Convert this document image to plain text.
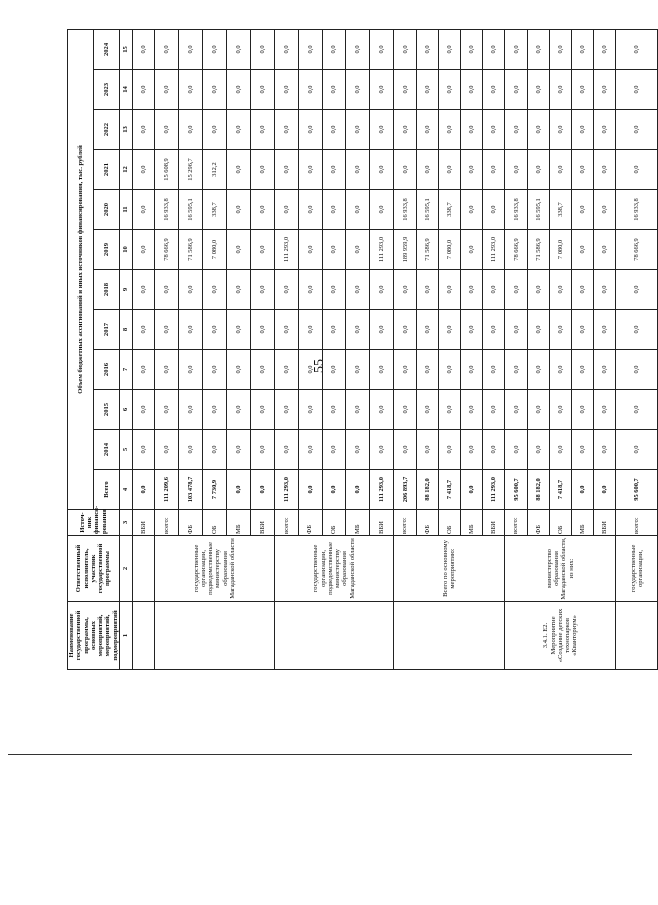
55
Наименование государственной программы, основных мероприятий, мероприятий, подмероприятий	Ответственный исполнитель, участник государственной программы	Источ- ник финанси- рования	Объем бюджетных ассигнований и иных источников финансирования, тыс. рублей											
			Всего	2014	2015	2016	2017	2018	2019	2020	2021	2022	2023	2024
1	2	3	4	5	6	7	8	9	10	11	12	13	14	15
		ВБИ	0,0	0,0	0,0	0,0	0,0	0,0	0,0	0,0	0,0	0,0	0,0	0,0
	государственные организации, подведомственные министерству образования Магаданской области	всего:	111 209,6	0,0	0,0	0,0	0,0	0,0	78 666,9	16 933,8	15 608,9	0,0	0,0	0,0
		ФБ	103 478,7	0,0	0,0	0,0	0,0	0,0	71 586,9	16 595,1	15 296,7	0,0	0,0	0,0
		ОБ	7 730,9	0,0	0,0	0,0	0,0	0,0	7 080,0	338,7	312,2	0,0	0,0	0,0
		МБ	0,0	0,0	0,0	0,0	0,0	0,0	0,0	0,0	0,0	0,0	0,0	0,0
		ВБИ	0,0	0,0	0,0	0,0	0,0	0,0	0,0	0,0	0,0	0,0	0,0	0,0
	государственные организации, подведомственные министерству образования Магаданской области	всего:	111 293,0	0,0	0,0	0,0	0,0	0,0	111 293,0	0,0	0,0	0,0	0,0	0,0
		ФБ	0,0	0,0	0,0	0,0	0,0	0,0	0,0	0,0	0,0	0,0	0,0	0,0
		ОБ	0,0	0,0	0,0	0,0	0,0	0,0	0,0	0,0	0,0	0,0	0,0	0,0
		МБ	0,0	0,0	0,0	0,0	0,0	0,0	0,0	0,0	0,0	0,0	0,0	0,0
		ВБИ	111 293,0	0,0	0,0	0,0	0,0	0,0	111 293,0	0,0	0,0	0,0	0,0	0,0
	Всего по основному мероприятию:	всего:	206 893,7	0,0	0,0	0,0	0,0	0,0	189 959,9	16 933,8	0,0	0,0	0,0	0,0
		ФБ	88 182,0	0,0	0,0	0,0	0,0	0,0	71 586,9	16 595,1	0,0	0,0	0,0	0,0
		ОБ	7 418,7	0,0	0,0	0,0	0,0	0,0	7 080,0	338,7	0,0	0,0	0,0	0,0
		МБ	0,0	0,0	0,0	0,0	0,0	0,0	0,0	0,0	0,0	0,0	0,0	0,0
		ВБИ	111 293,0	0,0	0,0	0,0	0,0	0,0	111 293,0	0,0	0,0	0,0	0,0	0,0
3.4.1. Е2. Мероприятие «Создание детских технопарков «Кванториум»	министерство образования Магаданской области, из них:	всего:	95 600,7	0,0	0,0	0,0	0,0	0,0	78 666,9	16 933,8	0,0	0,0	0,0	0,0
		ФБ	88 182,0	0,0	0,0	0,0	0,0	0,0	71 586,9	16 595,1	0,0	0,0	0,0	0,0
		ОБ	7 418,7	0,0	0,0	0,0	0,0	0,0	7 080,0	338,7	0,0	0,0	0,0	0,0
		МБ	0,0	0,0	0,0	0,0	0,0	0,0	0,0	0,0	0,0	0,0	0,0	0,0
		ВБИ	0,0	0,0	0,0	0,0	0,0	0,0	0,0	0,0	0,0	0,0	0,0	0,0
	государственные организации,	всего:	95 600,7	0,0	0,0	0,0	0,0	0,0	78 666,9	16 933,8	0,0	0,0	0,0	0,0
